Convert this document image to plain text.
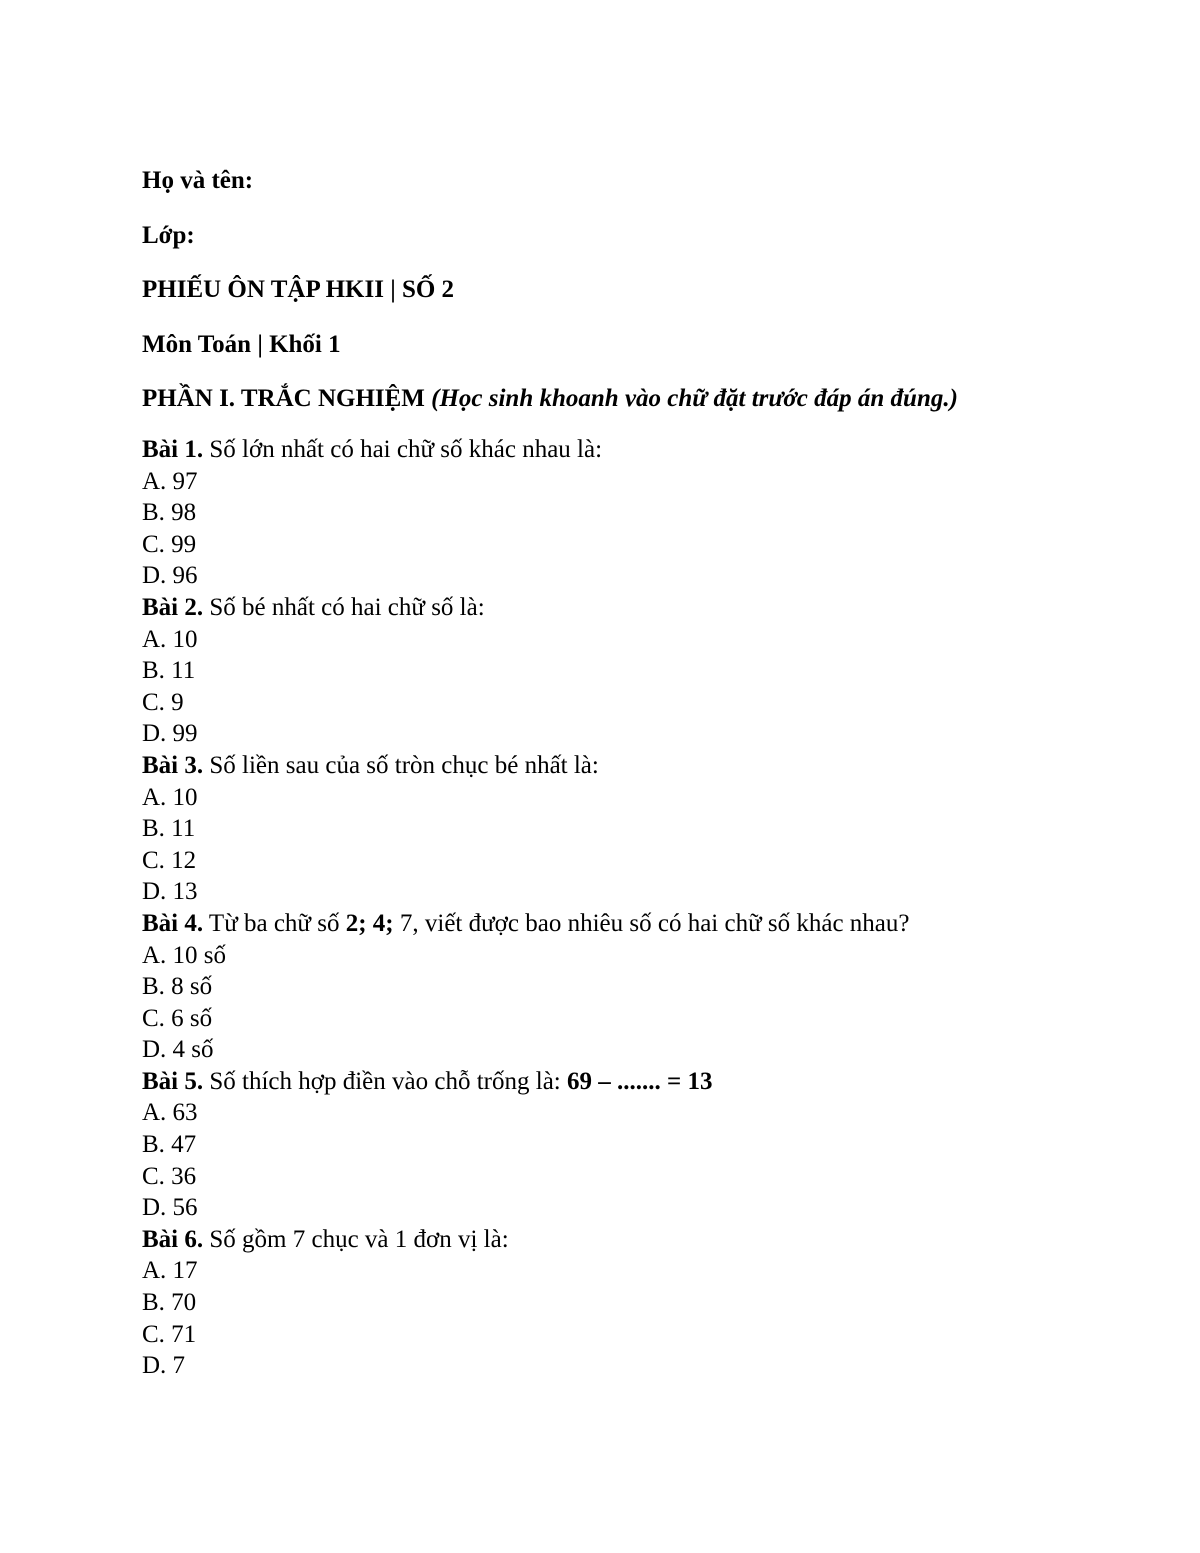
Họ và tên:
Lớp:
PHIẾU ÔN TẬP HKII | SỐ 2
Môn Toán | Khối 1
PHẦN I. TRẮC NGHIỆM (Học sinh khoanh vào chữ đặt trước đáp án đúng.)
Bài 1. Số lớn nhất có hai chữ số khác nhau là:
A. 97
B. 98
C. 99
D. 96
Bài 2. Số bé nhất có hai chữ số là:
A. 10
B. 11
C. 9
D. 99
Bài 3. Số liền sau của số tròn chục bé nhất là:
A. 10
B. 11
C. 12
D. 13
Bài 4. Từ ba chữ số 2; 4; 7, viết được bao nhiêu số có hai chữ số khác nhau?
A. 10 số
B. 8 số
C. 6 số
D. 4 số
Bài 5. Số thích hợp điền vào chỗ trống là: 69 – ....... = 13
A. 63
B. 47
C. 36
D. 56
Bài 6. Số gồm 7 chục và 1 đơn vị là:
A. 17
B. 70
C. 71
D. 7
